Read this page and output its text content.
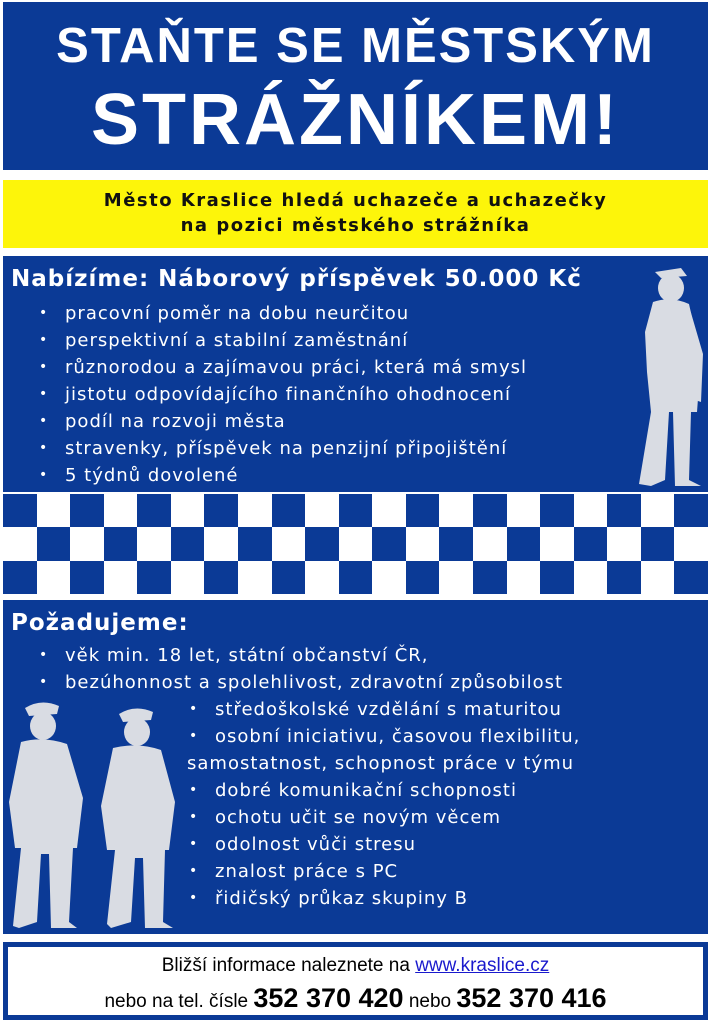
STAŇTE SE MĚSTSKÝM
STRÁŽNÍKEM!
Město Kraslice hledá uchazeče a uchazečky
na pozici městského strážníka
Nabízíme: Náborový příspěvek 50.000 Kč
• pracovní poměr na dobu neurčitou
• perspektivní a stabilní zaměstnání
• různorodou a zajímavou práci, která má smysl
• jistotu odpovídajícího finančního ohodnocení
• podíl na rozvoji města
• stravenky, příspěvek na penzijní připojištění
• 5 týdnů dovolené
Požadujeme:
• věk min. 18 let, státní občanství ČR,
• bezúhonnost a spolehlivost, zdravotní způsobilost
• středoškolské vzdělání s maturitou
• osobní iniciativu, časovou flexibilitu,
samostatnost, schopnost práce v týmu
• dobré komunikační schopnosti
• ochotu učit se novým věcem
• odolnost vůči stresu
• znalost práce s PC
• řidičský průkaz skupiny B
Bližší informace naleznete na www.kraslice.cz
nebo na tel. čísle 352 370 420 nebo 352 370 416
